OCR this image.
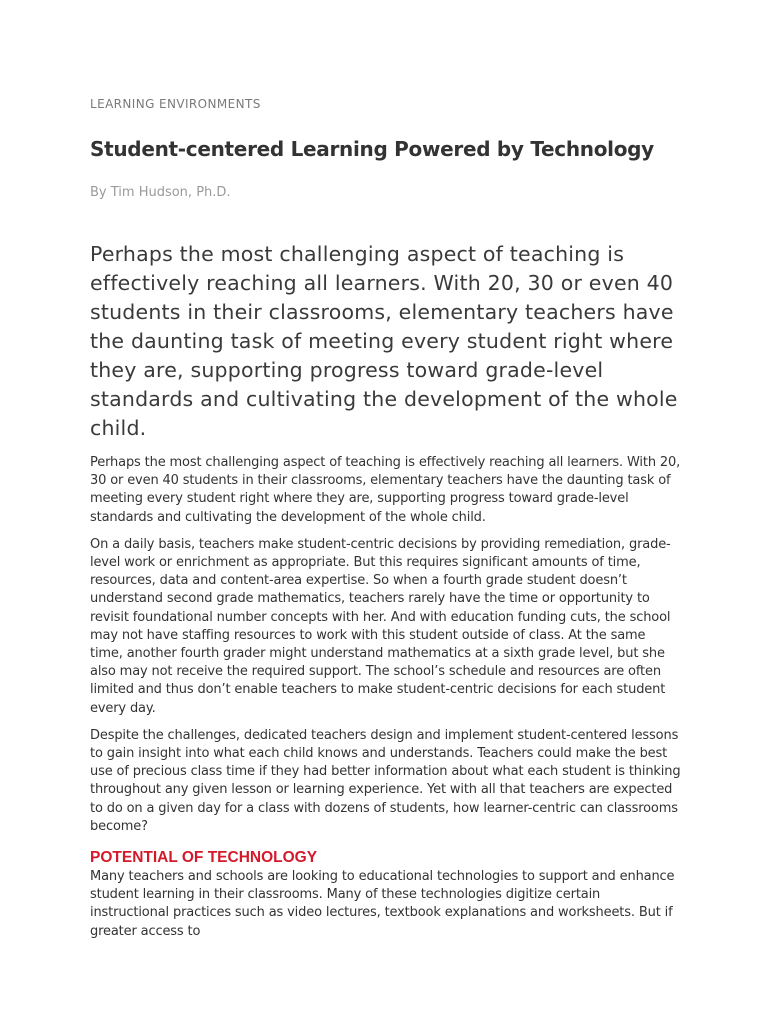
LEARNING ENVIRONMENTS

Student-centered Learning Powered by Technology

By Tim Hudson, Ph.D.

Perhaps the most challenging aspect of teaching is effectively reaching all learners. With 20, 30 or even 40 students in their classrooms, elementary teachers have the daunting task of meeting every student right where they are, supporting progress toward grade-level standards and cultivating the development of the whole child.

Perhaps the most challenging aspect of teaching is effectively reaching all learners. With 20, 30 or even 40 students in their classrooms, elementary teachers have the daunting task of meeting every student right where they are, supporting progress toward grade-level standards and cultivating the development of the whole child.

On a daily basis, teachers make student-centric decisions by providing remediation, grade-level work or enrichment as appropriate. But this requires significant amounts of time, resources, data and content-area expertise. So when a fourth grade student doesn’t understand second grade mathematics, teachers rarely have the time or opportunity to revisit foundational number concepts with her. And with education funding cuts, the school may not have staffing resources to work with this student outside of class. At the same time, another fourth grader might understand mathematics at a sixth grade level, but she also may not receive the required support. The school’s schedule and resources are often limited and thus don’t enable teachers to make student-centric decisions for each student every day.

Despite the challenges, dedicated teachers design and implement student-centered lessons to gain insight into what each child knows and understands. Teachers could make the best use of precious class time if they had better information about what each student is thinking throughout any given lesson or learning experience. Yet with all that teachers are expected to do on a given day for a class with dozens of students, how learner-centric can classrooms become?

POTENTIAL OF TECHNOLOGY

Many teachers and schools are looking to educational technologies to support and enhance student learning in their classrooms. Many of these technologies digitize certain instructional practices such as video lectures, textbook explanations and worksheets. But if greater access to
